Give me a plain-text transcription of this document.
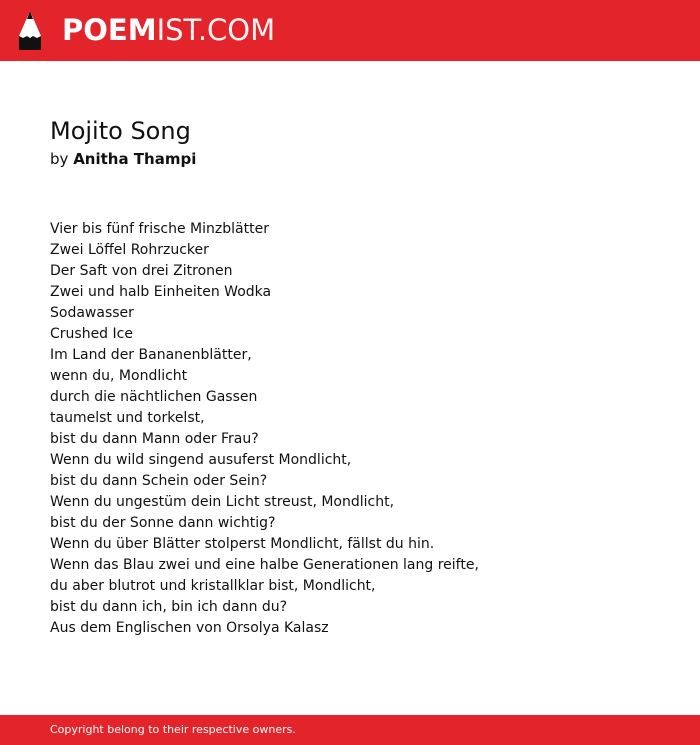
POEMIST.COM
Mojito Song
by Anitha Thampi
Vier bis fünf frische Minzblätter
Zwei Löffel Rohrzucker
Der Saft von drei Zitronen
Zwei und halb Einheiten Wodka
Sodawasser
Crushed Ice
Im Land der Bananenblätter,
wenn du, Mondlicht
durch die nächtlichen Gassen
taumelst und torkelst,
bist du dann Mann oder Frau?
Wenn du wild singend ausuferst Mondlicht,
bist du dann Schein oder Sein?
Wenn du ungestüm dein Licht streust, Mondlicht,
bist du der Sonne dann wichtig?
Wenn du über Blätter stolperst Mondlicht, fällst du hin.
Wenn das Blau zwei und eine halbe Generationen lang reifte,
du aber blutrot und kristallklar bist, Mondlicht,
bist du dann ich, bin ich dann du?
Aus dem Englischen von Orsolya Kalasz
Copyright belong to their respective owners.
